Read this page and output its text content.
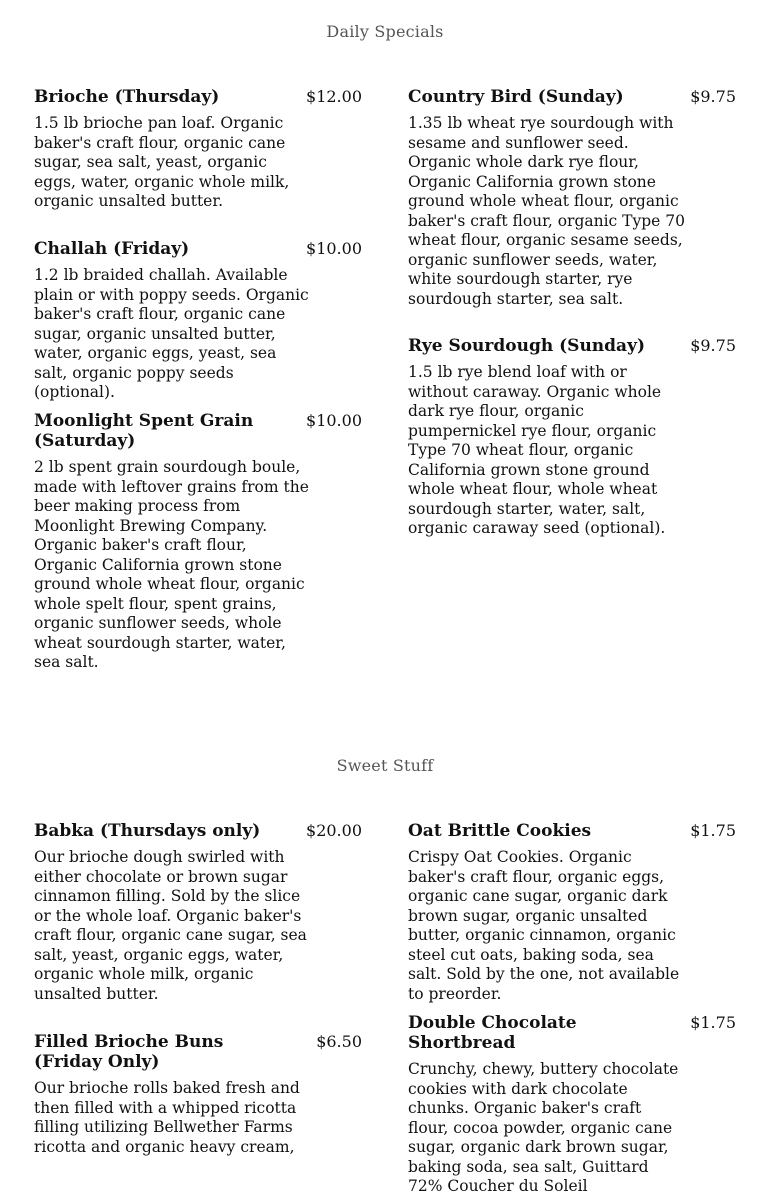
Daily Specials
Brioche (Thursday)	$12.00
1.5 lb brioche pan loaf. Organic baker's craft flour, organic cane sugar, sea salt, yeast, organic eggs, water, organic whole milk, organic unsalted butter.
Challah (Friday)	$10.00
1.2 lb braided challah. Available plain or with poppy seeds. Organic baker's craft flour, organic cane sugar, organic unsalted butter, water, organic eggs, yeast, sea salt, organic poppy seeds (optional).
Moonlight Spent Grain (Saturday)
$10.00
2 lb spent grain sourdough boule, made with leftover grains from the beer making process from Moonlight Brewing Company. Organic baker's craft flour, Organic California grown stone ground whole wheat flour, organic whole spelt flour, spent grains, organic sunflower seeds, whole wheat sourdough starter, water, sea salt.
Country Bird (Sunday)	$9.75
1.35 lb wheat rye sourdough with sesame and sunflower seed. Organic whole dark rye flour, Organic California grown stone ground whole wheat flour, organic baker's craft flour, organic Type 70 wheat flour, organic sesame seeds, organic sunflower seeds, water, white sourdough starter, rye sourdough starter, sea salt.
Rye Sourdough (Sunday)	$9.75
1.5 lb rye blend loaf with or without caraway. Organic whole dark rye flour, organic pumpernickel rye flour, organic Type 70 wheat flour, organic California grown stone ground whole wheat flour, whole wheat sourdough starter, water, salt, organic caraway seed (optional).
Sweet Stuff
Babka (Thursdays only)	$20.00
Our brioche dough swirled with either chocolate or brown sugar cinnamon filling. Sold by the slice or the whole loaf. Organic baker's craft flour, organic cane sugar, sea salt, yeast, organic eggs, water, organic whole milk, organic unsalted butter.
Filled Brioche Buns (Friday Only)
$6.50
Our brioche rolls baked fresh and then filled with a whipped ricotta filling utilizing Bellwether Farms ricotta and organic heavy cream,
Oat Brittle Cookies	$1.75
Crispy Oat Cookies. Organic baker's craft flour, organic eggs, organic cane sugar, organic dark brown sugar, organic unsalted butter, organic cinnamon, organic steel cut oats, baking soda, sea salt. Sold by the one, not available to preorder.
Double Chocolate Shortbread
$1.75
Crunchy, chewy, buttery chocolate cookies with dark chocolate chunks. Organic baker's craft flour, cocoa powder, organic cane sugar, organic dark brown sugar, baking soda, sea salt, Guittard 72% Coucher du Soleil
